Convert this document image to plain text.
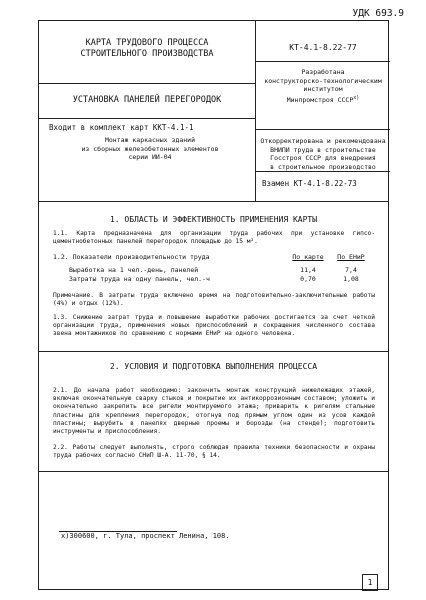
УДК 693.9
КАРТА ТРУДОВОГО ПРОЦЕССА
СТРОИТЕЛЬНОГО ПРОИЗВОДСТВА
УСТАНОВКА ПАНЕЛЕЙ ПЕРЕГОРОДОК
Входит в комплект карт ККТ-4.1-1
Монтаж каркасных зданий
из сборных железобетонных элементов
серии ИИ-04
КТ-4.1-8.22-77
Разработана
конструкторско-технологическим
институтом
Минпромстроя СССР$^{x)}$
Откорректирована и рекомендована
ВНИПИ труда в строительстве
Госстроя СССР для внедрения
в строительное производство
Взамен КТ-4.1-8.22-73
1. ОБЛАСТЬ И ЭФФЕКТИВНОСТЬ ПРИМЕНЕНИЯ КАРТЫ
1.1. Карта предназначена для организации труда рабочих при установке гипсо-цементнобетонных панелей перегородок площадью до 15 м².
1.2. Показатели производительности труда	По карте	По ЕНиР
Выработка на 1 чел.-день, панелей	11,4	7,4
Затраты труда на одну панель, чел.-ч	0,70	1,08
Примечание. В затраты труда включено время на подготовительно-заключительные работы (4%) и отдых (12%).
1.3. Снижение затрат труда и повышение выработки рабочих достигается за счет четкой организации труда, применения новых приспособлений и сокращения численного состава звена монтажников по сравнению с нормами ЕНиР на одного человека.
2. УСЛОВИЯ И ПОДГОТОВКА ВЫПОЛНЕНИЯ ПРОЦЕССА
2.1. До начала работ необходимо: закончить монтаж конструкций нижележащих этажей, включая окончательную сварку стыков и покрытие их антикоррозионным составом; уложить и окончательно закрепить все ригели монтируемого этажа; приварить к ригелям стальные пластины для крепления перегородок, отогнув под прямым углом один из усов каждой пластины; вырубить в панелях дверные проемы и борозды (на стенде); подготовить инструменты и приспособления.
2.2. Работы следует выполнять, строго соблюдая правила техники безопасности и охраны труда рабочих согласно СНиП Ш-А. 11-70, § 14.
х)300600, г. Тула, проспект Ленина, 108.
1
